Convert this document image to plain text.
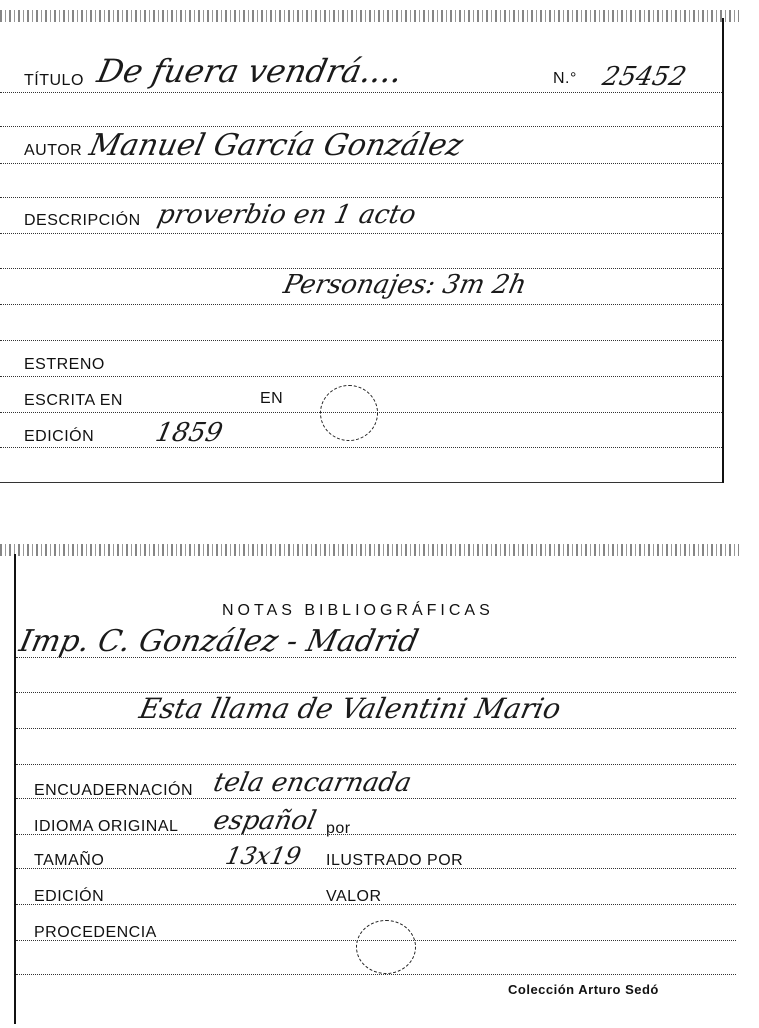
TÍTULO De fuera vendrá....	N.° 25452
AUTOR Manuel García González
DESCRIPCIÓN proverbio en 1 acto
Personajes: 3m 2h
ESTRENO
ESCRITA EN	EN
EDICIÓN 1859
NOTAS BIBLIOGRÁFICAS
Imp. C. González - Madrid
Esta llama de Valentini Mario
ENCUADERNACIÓN tela encarnada
IDIOMA ORIGINAL español por
TAMAÑO	13x19 ILUSTRADO POR
EDICIÓN	VALOR
PROCEDENCIA
Colección Arturo Sedó
